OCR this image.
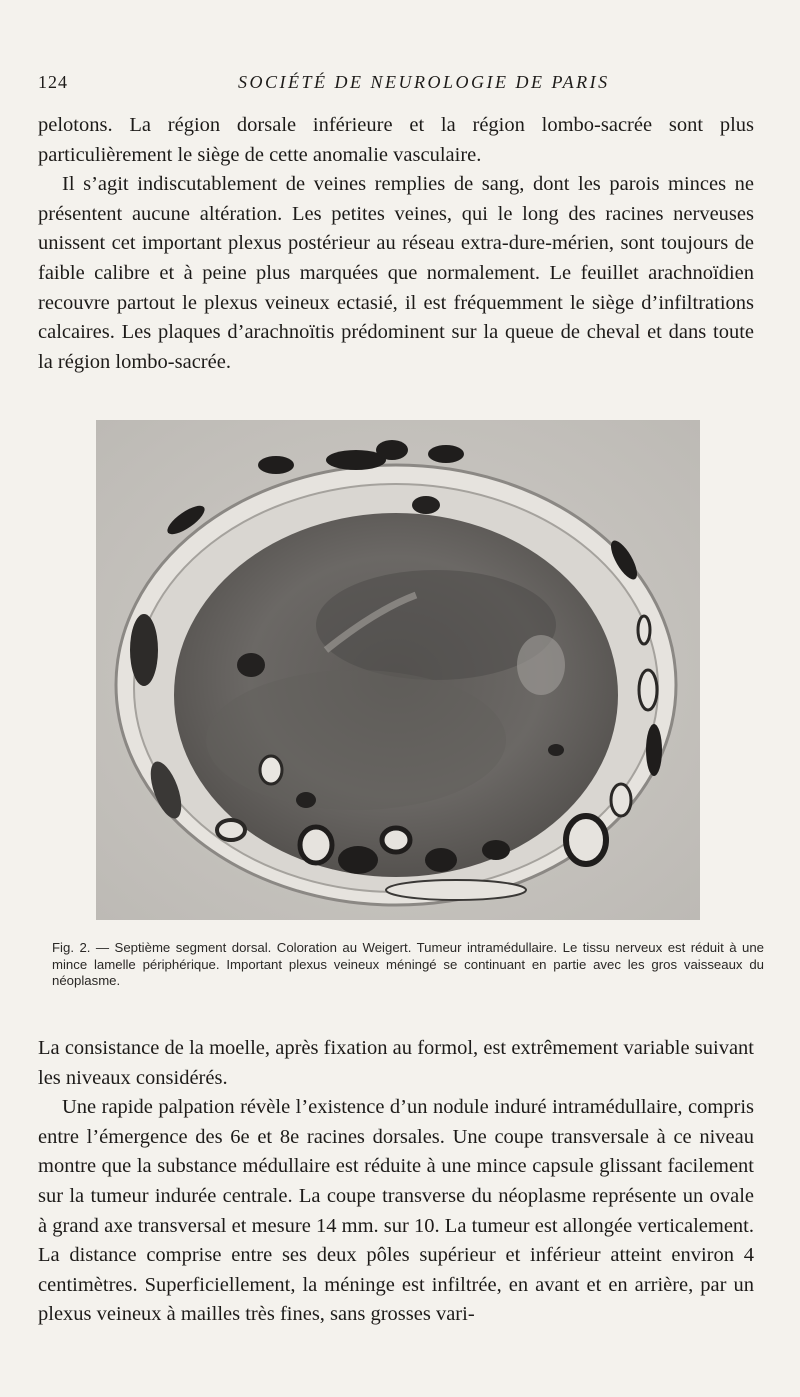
124	SOCIÉTÉ DE NEUROLOGIE DE PARIS

pelotons. La région dorsale inférieure et la région lombo-sacrée sont plus particulièrement le siège de cette anomalie vasculaire.

Il s’agit indiscutablement de veines remplies de sang, dont les parois minces ne présentent aucune altération. Les petites veines, qui le long des racines nerveuses unissent cet important plexus postérieur au réseau extra-dure-mérien, sont toujours de faible calibre et à peine plus marquées que normalement. Le feuillet arachnoïdien recouvre partout le plexus veineux ectasié, il est fréquemment le siège d’infiltrations calcaires. Les plaques d’arachnoïtis prédominent sur la queue de cheval et dans toute la région lombo-sacrée.

Fig. 2. — Septième segment dorsal. Coloration au Weigert. Tumeur intramédullaire. Le tissu nerveux est réduit à une mince lamelle périphérique. Important plexus veineux méningé se continuant en partie avec les gros vaisseaux du néoplasme.

La consistance de la moelle, après fixation au formol, est extrêmement variable suivant les niveaux considérés.

Une rapide palpation révèle l’existence d’un nodule induré intramédullaire, compris entre l’émergence des 6e et 8e racines dorsales. Une coupe transversale à ce niveau montre que la substance médullaire est réduite à une mince capsule glissant facilement sur la tumeur indurée centrale. La coupe transverse du néoplasme représente un ovale à grand axe transversal et mesure 14 mm. sur 10. La tumeur est allongée verticalement. La distance comprise entre ses deux pôles supérieur et inférieur atteint environ 4 centimètres. Superficiellement, la méninge est infiltrée, en avant et en arrière, par un plexus veineux à mailles très fines, sans grosses vari-
